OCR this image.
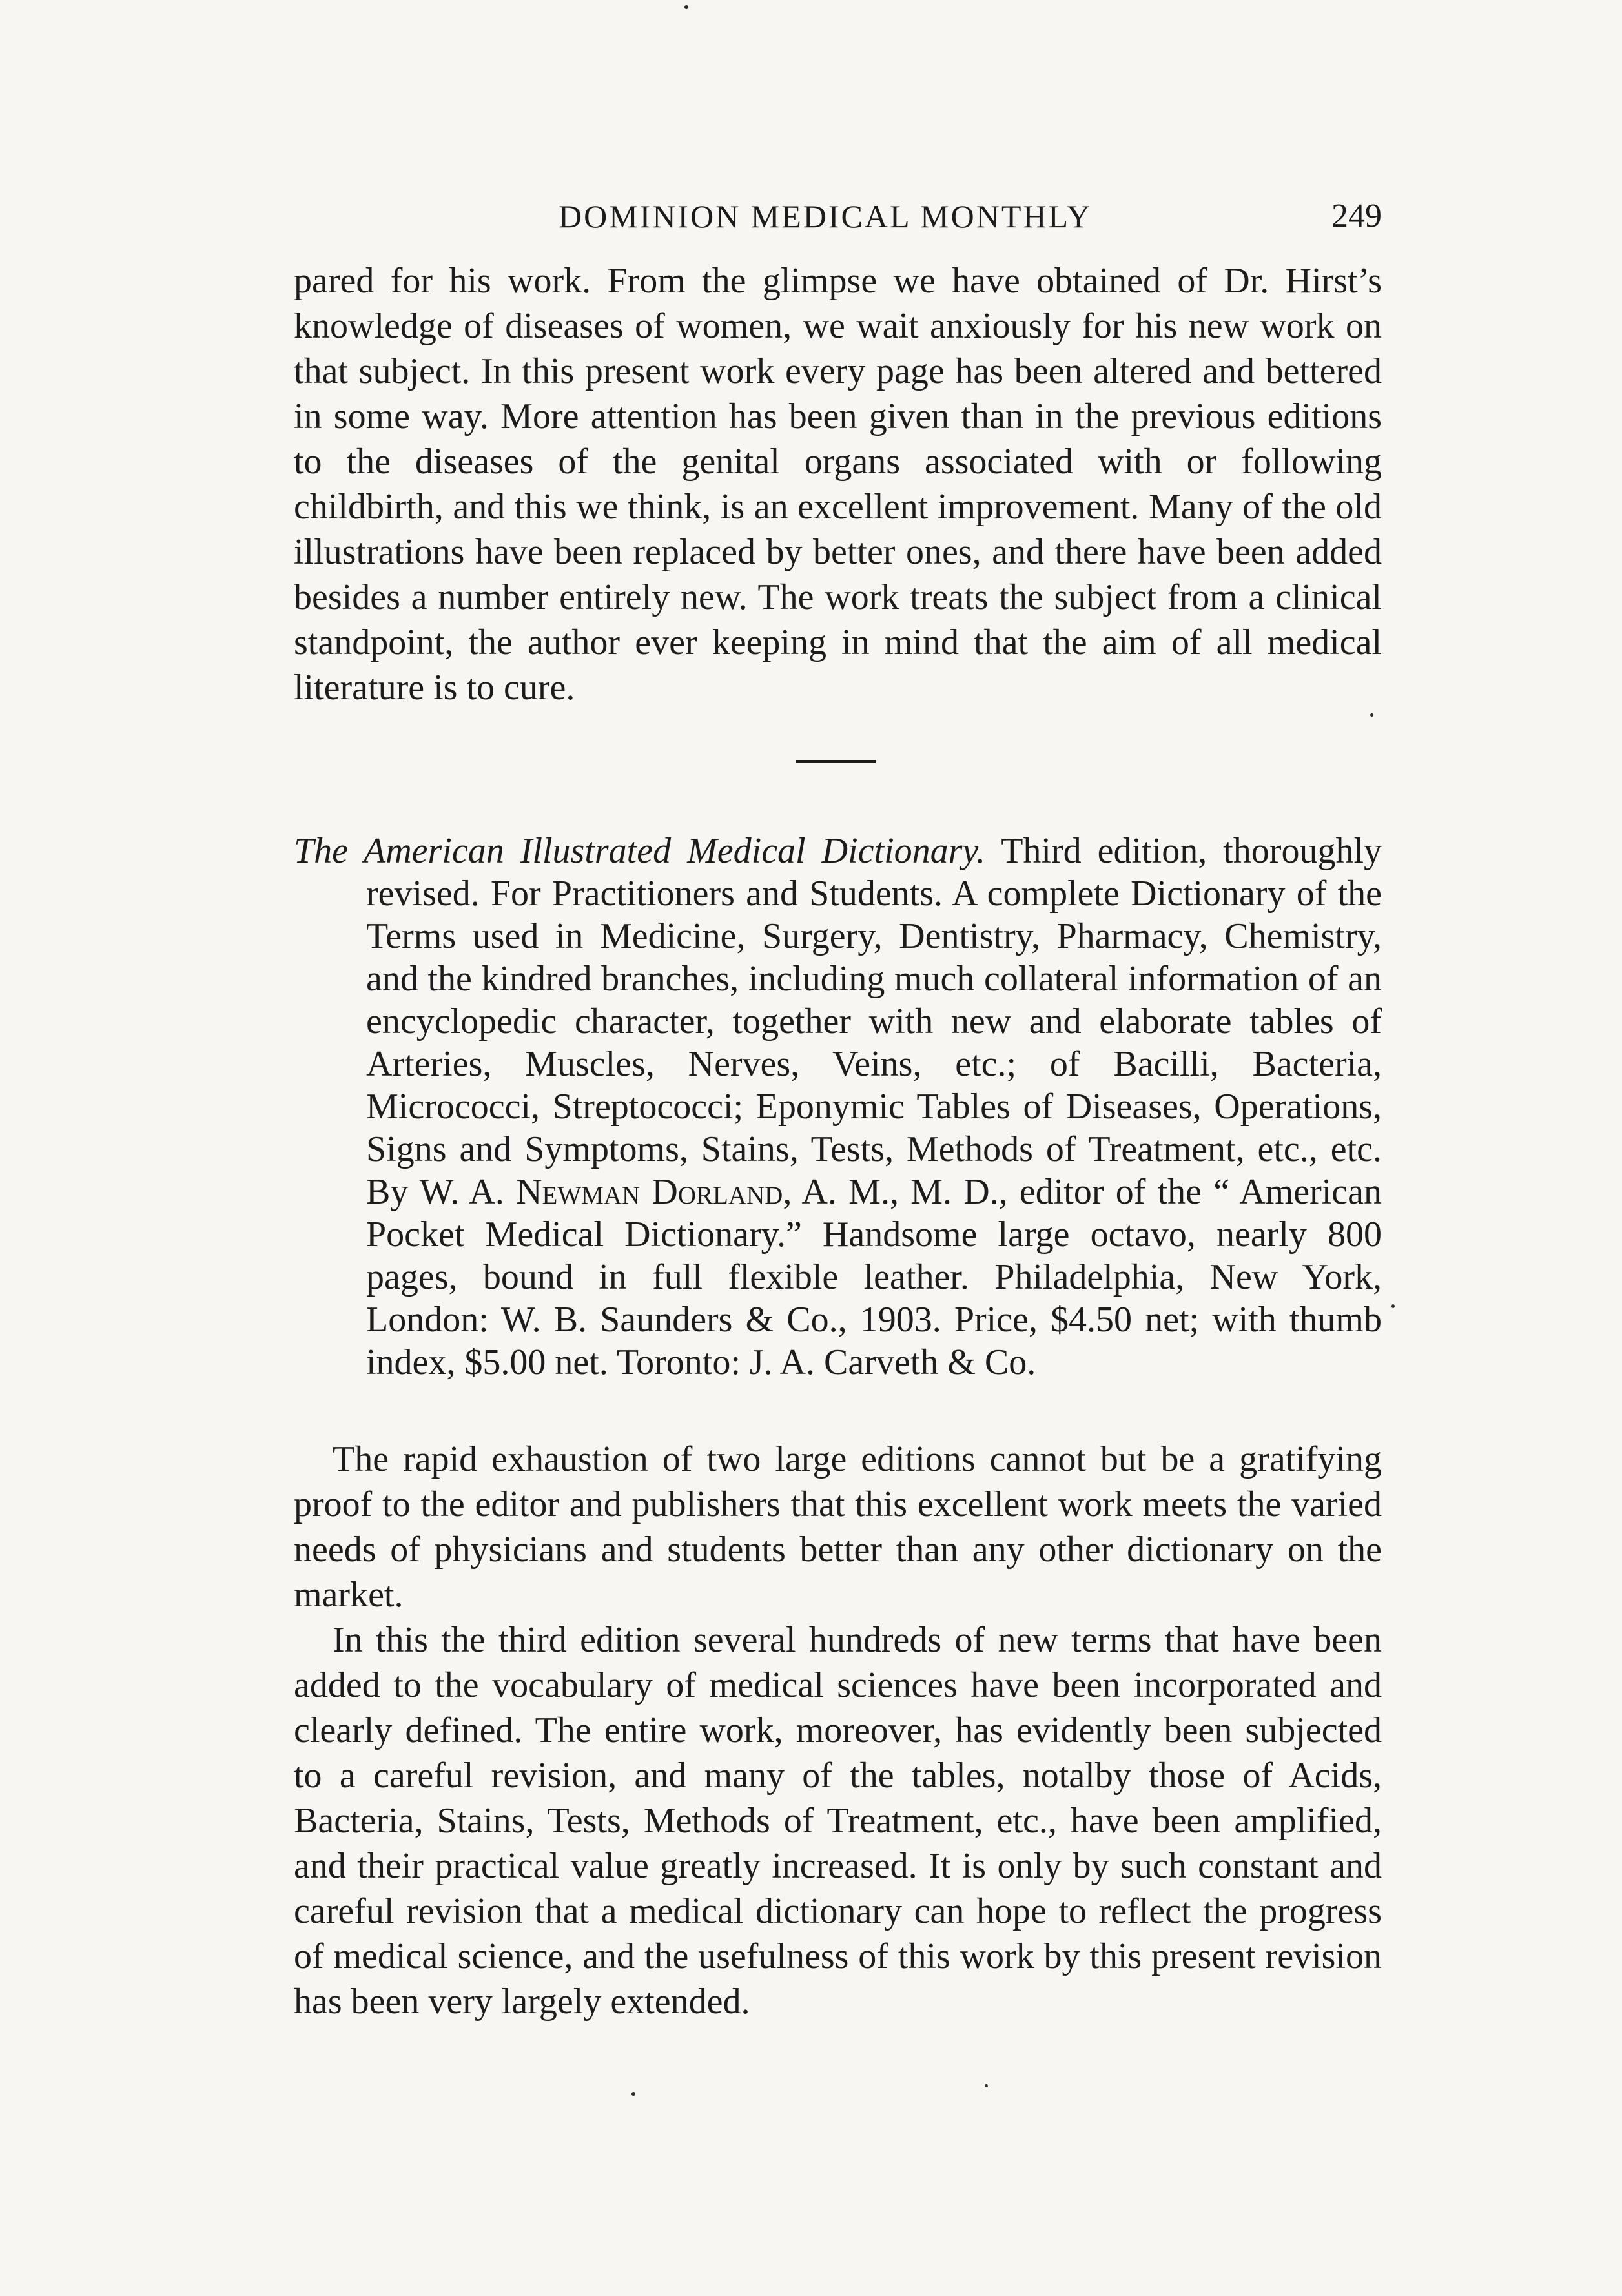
DOMINION MEDICAL MONTHLY	249

pared for his work. From the glimpse we have obtained of Dr. Hirst’s knowledge of diseases of women, we wait anxiously for his new work on that subject. In this present work every page has been altered and bettered in some way. More attention has been given than in the previous editions to the diseases of the genital organs associated with or following childbirth, and this we think, is an excellent improvement. Many of the old illustrations have been replaced by better ones, and there have been added besides a number entirely new. The work treats the subject from a clinical standpoint, the author ever keeping in mind that the aim of all medical literature is to cure.

The American Illustrated Medical Dictionary. Third edition, thoroughly revised. For Practitioners and Students. A complete Dictionary of the Terms used in Medicine, Surgery, Dentistry, Pharmacy, Chemistry, and the kindred branches, including much collateral information of an encyclopedic character, together with new and elaborate tables of Arteries, Muscles, Nerves, Veins, etc.; of Bacilli, Bacteria, Micrococci, Streptococci; Eponymic Tables of Diseases, Operations, Signs and Symptoms, Stains, Tests, Methods of Treatment, etc., etc. By W. A. Newman Dorland, A. M., M. D., editor of the “ American Pocket Medical Dictionary.” Handsome large octavo, nearly 800 pages, bound in full flexible leather. Philadelphia, New York, London: W. B. Saunders & Co., 1903. Price, $4.50 net; with thumb index, $5.00 net. Toronto: J. A. Carveth & Co.

The rapid exhaustion of two large editions cannot but be a gratifying proof to the editor and publishers that this excellent work meets the varied needs of physicians and students better than any other dictionary on the market.

In this the third edition several hundreds of new terms that have been added to the vocabulary of medical sciences have been incorporated and clearly defined. The entire work, moreover, has evidently been subjected to a careful revision, and many of the tables, notalby those of Acids, Bacteria, Stains, Tests, Methods of Treatment, etc., have been amplified, and their practical value greatly increased. It is only by such constant and careful revision that a medical dictionary can hope to reflect the progress of medical science, and the usefulness of this work by this present revision has been very largely extended.
